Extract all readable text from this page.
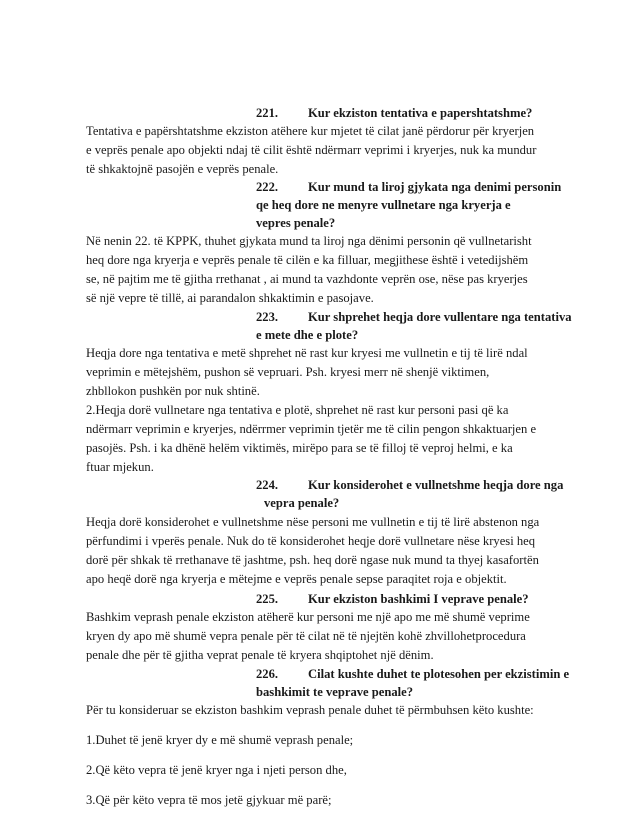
221. Kur ekziston tentativa e papershtatshme?
Tentativa e papërshtatshme ekziston atëhere kur mjetet të cilat janë përdorur për kryerjen
e veprës penale apo objekti ndaj të cilit është ndërmarr veprimi i kryerjes, nuk ka mundur
të shkaktojnë pasojën e veprës penale.
222. Kur mund ta liroj gjykata nga denimi personin
qe heq dore ne menyre vullnetare nga kryerja e
vepres penale?
Në nenin 22. të KPPK, thuhet gjykata mund ta liroj nga dënimi personin që vullnetarisht
heq dore nga kryerja e veprës penale të cilën e ka filluar, megjithese është i vetedijshëm
se, në pajtim me të gjitha rrethanat , ai mund ta vazhdonte veprën ose, nëse pas kryerjes
së një vepre të tillë, ai parandalon shkaktimin e pasojave.
223. Kur shprehet heqja dore vullentare nga tentativa
e mete dhe e plote?
Heqja dore nga tentativa e metë shprehet në rast kur kryesi me vullnetin e tij të lirë ndal
veprimin e mëtejshëm, pushon së vepruari. Psh. kryesi merr në shenjë viktimen,
zhbllokon pushkën por nuk shtinë.
2.Heqja dorë vullnetare nga tentativa e plotë, shprehet në rast kur personi pasi që ka
ndërmarr veprimin e kryerjes, ndërrmer veprimin tjetër me të cilin pengon shkaktuarjen e
pasojës. Psh. i ka dhënë helëm viktimës, mirëpo para se të filloj të veproj helmi, e ka
ftuar mjekun.
224. Kur konsiderohet e vullnetshme heqja dore nga
vepra penale?
Heqja dorë konsiderohet e vullnetshme nëse personi me vullnetin e tij të lirë abstenon nga
përfundimi i vperës penale. Nuk do të konsiderohet heqje dorë vullnetare nëse kryesi heq
dorë për shkak të rrethanave të jashtme, psh. heq dorë ngase nuk mund ta thyej kasafortën
apo heqë dorë nga kryerja e mëtejme e veprës penale sepse paraqitet roja e objektit.
225. Kur ekziston bashkimi I veprave penale?
Bashkim veprash penale ekziston atëherë kur personi me një apo me më shumë veprime
kryen dy apo më shumë vepra penale për të cilat në të njejtën kohë zhvillohetprocedura
penale dhe për të gjitha veprat penale të kryera shqiptohet një dënim.
226. Cilat kushte duhet te plotesohen per ekzistimin e
bashkimit te veprave penale?
Për tu konsideruar se ekziston bashkim veprash penale duhet të përmbuhsen këto kushte:
1.Duhet të jenë kryer dy e më shumë veprash penale;
2.Që këto vepra të jenë kryer nga i njeti person dhe,
3.Që për këto vepra të mos jetë gjykuar më parë;
